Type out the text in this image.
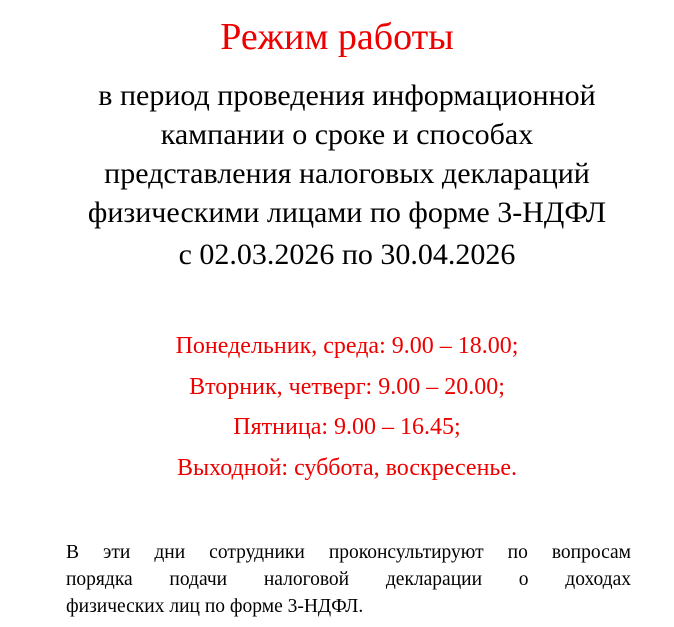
Режим работы
в период проведения информационной
кампании о сроке и способах
представления налоговых деклараций
физическими лицами по форме 3-НДФЛ
с 02.03.2026 по 30.04.2026
Понедельник, среда: 9.00 – 18.00;
Вторник, четверг: 9.00 – 20.00;
Пятница: 9.00 – 16.45;
Выходной: суббота, воскресенье.
В эти дни сотрудники проконсультируют по вопросам
порядка подачи налоговой декларации о доходах
физических лиц по форме 3-НДФЛ.
